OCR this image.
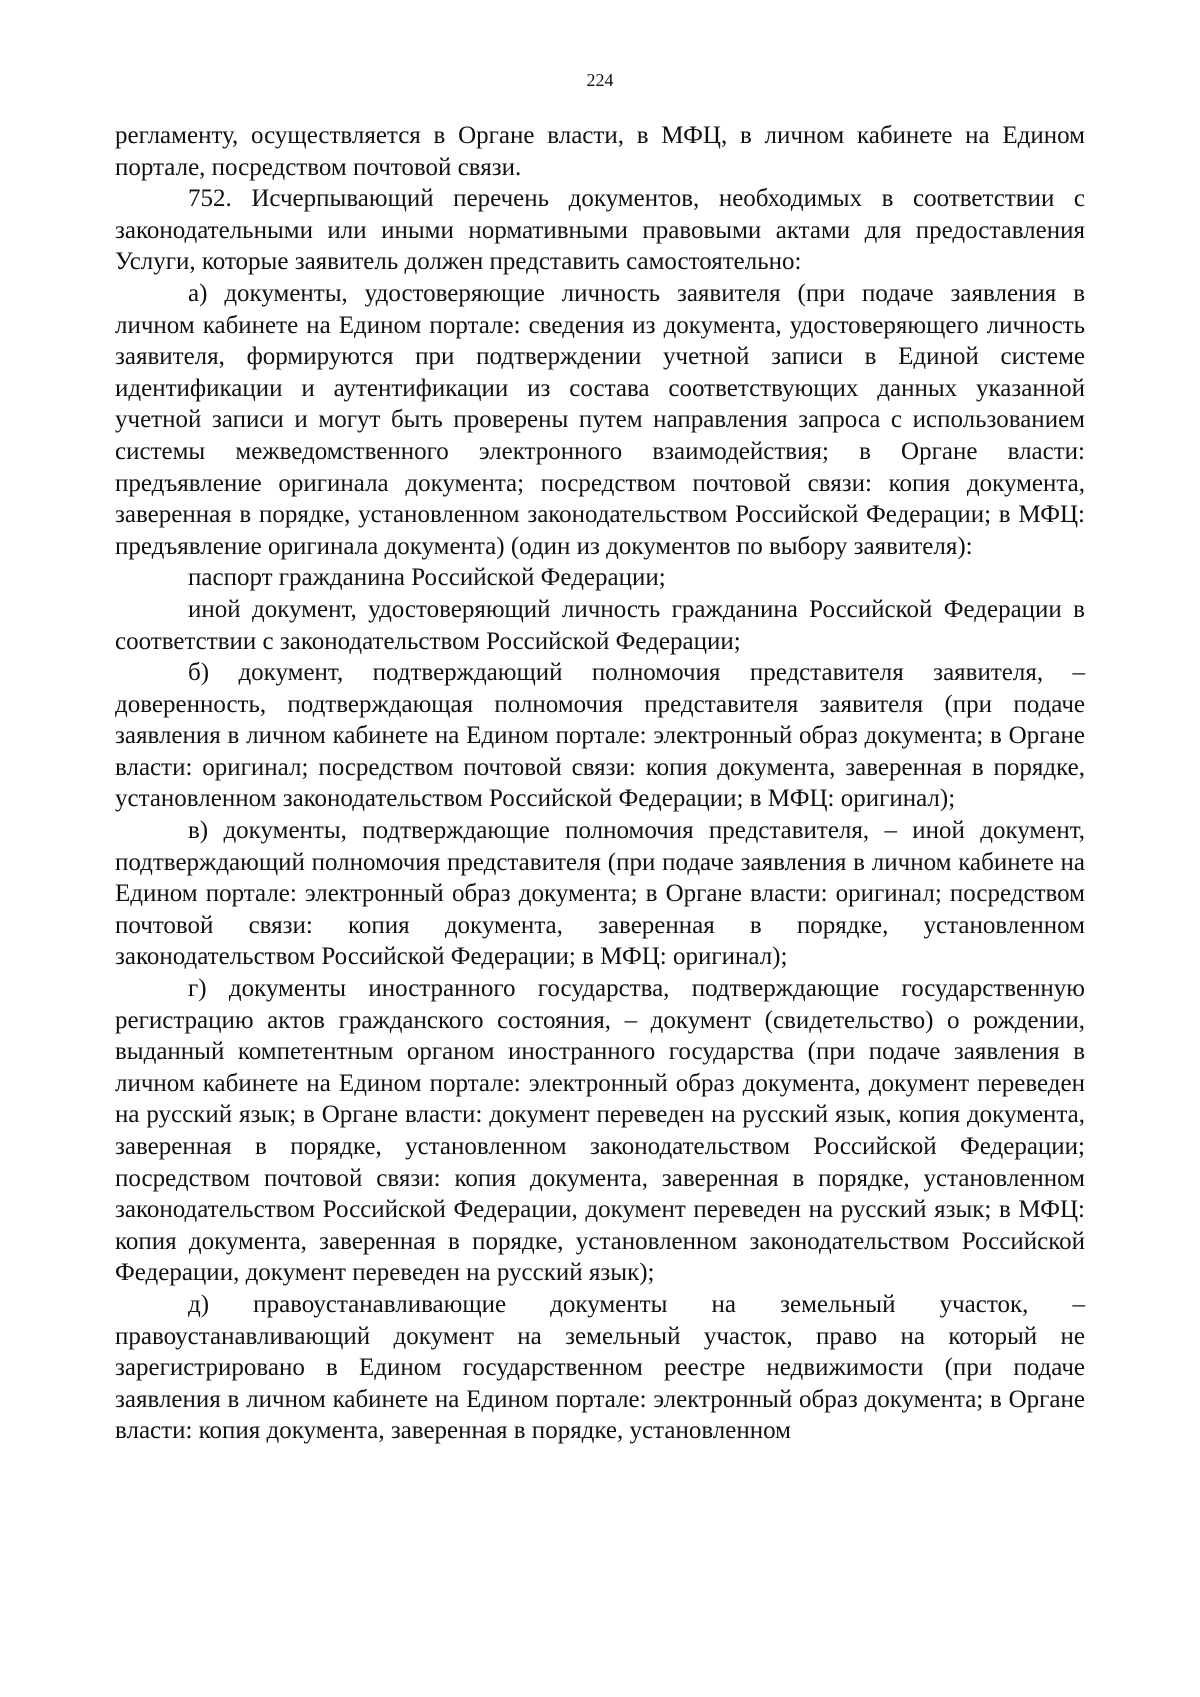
224

регламенту, осуществляется в Органе власти, в МФЦ, в личном кабинете на Едином портале, посредством почтовой связи.

752. Исчерпывающий перечень документов, необходимых в соответствии с законодательными или иными нормативными правовыми актами для предоставления Услуги, которые заявитель должен представить самостоятельно:

а) документы, удостоверяющие личность заявителя (при подаче заявления в личном кабинете на Едином портале: сведения из документа, удостоверяющего личность заявителя, формируются при подтверждении учетной записи в Единой системе идентификации и аутентификации из состава соответствующих данных указанной учетной записи и могут быть проверены путем направления запроса с использованием системы межведомственного электронного взаимодействия; в Органе власти: предъявление оригинала документа; посредством почтовой связи: копия документа, заверенная в порядке, установленном законодательством Российской Федерации; в МФЦ: предъявление оригинала документа) (один из документов по выбору заявителя):

паспорт гражданина Российской Федерации;

иной документ, удостоверяющий личность гражданина Российской Федерации в соответствии с законодательством Российской Федерации;

б) документ, подтверждающий полномочия представителя заявителя, – доверенность, подтверждающая полномочия представителя заявителя (при подаче заявления в личном кабинете на Едином портале: электронный образ документа; в Органе власти: оригинал; посредством почтовой связи: копия документа, заверенная в порядке, установленном законодательством Российской Федерации; в МФЦ: оригинал);

в) документы, подтверждающие полномочия представителя, – иной документ, подтверждающий полномочия представителя (при подаче заявления в личном кабинете на Едином портале: электронный образ документа; в Органе власти: оригинал; посредством почтовой связи: копия документа, заверенная в порядке, установленном законодательством Российской Федерации; в МФЦ: оригинал);

г) документы иностранного государства, подтверждающие государственную регистрацию актов гражданского состояния, – документ (свидетельство) о рождении, выданный компетентным органом иностранного государства (при подаче заявления в личном кабинете на Едином портале: электронный образ документа, документ переведен на русский язык; в Органе власти: документ переведен на русский язык, копия документа, заверенная в порядке, установленном законодательством Российской Федерации; посредством почтовой связи: копия документа, заверенная в порядке, установленном законодательством Российской Федерации, документ переведен на русский язык; в МФЦ: копия документа, заверенная в порядке, установленном законодательством Российской Федерации, документ переведен на русский язык);

д) правоустанавливающие документы на земельный участок, – правоустанавливающий документ на земельный участок, право на который не зарегистрировано в Едином государственном реестре недвижимости (при подаче заявления в личном кабинете на Едином портале: электронный образ документа; в Органе власти: копия документа, заверенная в порядке, установленном
